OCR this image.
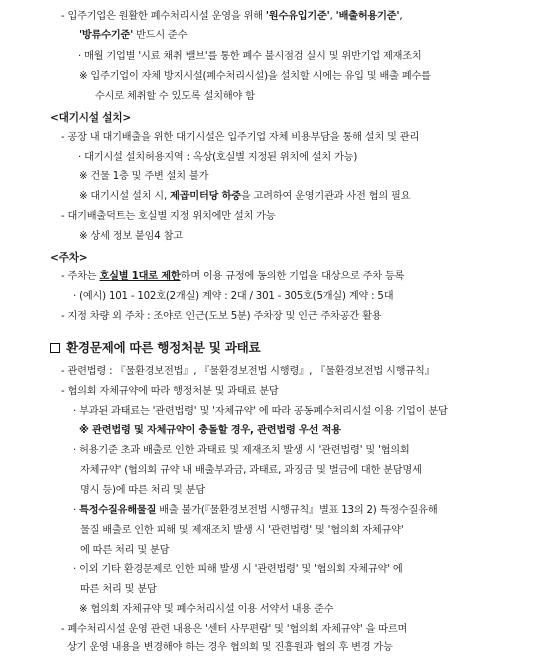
- 입주기업은 원활한 폐수처리시설 운영을 위해 '원수유입기준', '배출허용기준',
'방류수기준' 반드시 준수
· 매월 기업별 '시료 채취 밸브'를 통한 폐수 불시점검 실시 및 위반기업 제재조치
※ 입주기업이 자체 방지시설(폐수처리시설)을 설치할 시에는 유입 및 배출 폐수를
수시로 체취할 수 있도록 설치해야 함
<대기시설 설치>
- 공장 내 대기배출을 위한 대기시설은 입주기업 자체 비용부담을 통해 설치 및 관리
· 대기시설 설치허용지역 : 옥상(호실별 지정된 위치에 설치 가능)
※ 건물 1층 및 주변 설치 불가
※ 대기시설 설치 시, 제곱미터당 하중을 고려하여 운영기관과 사전 협의 필요
- 대기배출덕트는 호실별 지정 위치에만 설치 가능
※ 상세 정보 붙임4 참고
<주차>
- 주차는 호실별 1대로 제한하며 이용 규정에 동의한 기업을 대상으로 주차 등록
· (예시) 101 - 102호(2개실) 계약 : 2대 / 301 - 305호(5개실) 계약 : 5대
- 지정 차량 외 주차 : 조야로 인근(도보 5분) 주차장 및 인근 주차공간 활용
환경문제에 따른 행정처분 및 과태료
- 관련법령 : 『물환경보전법』, 『물환경보전법 시행령』, 『물환경보전법 시행규칙』
- 협의회 자체규약에 따라 행정처분 및 과태료 분담
· 부과된 과태료는 '관련법령' 및 '자체규약' 에 따라 공동폐수처리시설 이용 기업이 분담
※ 관련법령 및 자체규약이 충돌할 경우, 관련법령 우선 적용
· 허용기준 초과 배출로 인한 과태료 및 제재조치 발생 시 '관련법령' 및 '협의회
자체규약' (협의회 규약 내 배출부과금, 과태료, 과징금 및 벌금에 대한 분담명세
명시 등)에 따른 처리 및 분담
· 특정수질유해물질 배출 불가(『물환경보전법 시행규칙』별표 13의 2) 특정수질유해
물질 배출로 인한 피해 및 제재조치 발생 시 '관련법령' 및 '협의회 자체규약'
에 따른 처리 및 분담
· 이외 기타 환경문제로 인한 피해 발생 시 '관련법령' 및 '협의회 자체규약' 에
따른 처리 및 분담
※ 협의회 자체규약 및 폐수처리시설 이용 서약서 내용 준수
- 폐수처리시설 운영 관련 내용은 '센터 사무편람' 및 '협의회 자체규약' 을 따르며
상기 운영 내용을 변경해야 하는 경우 협의회 및 진흥원과 협의 후 변경 가능
